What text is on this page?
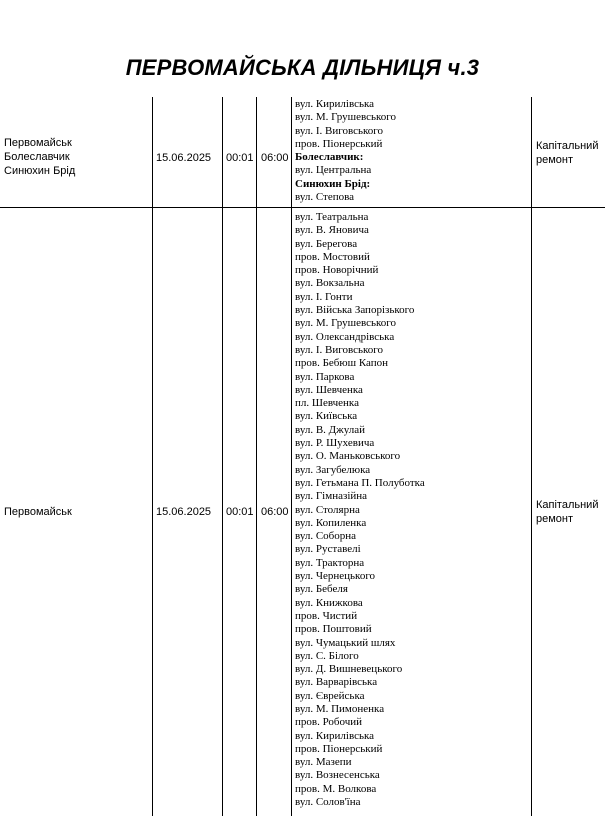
ПЕРВОМАЙСЬКА ДІЛЬНИЦЯ ч.3
Первомайськ
Болеславчик
Синюхин Брід
15.06.2025 00:01 06:00
вул. Кирилівська
вул. М. Грушевського
вул. І. Виговського
пров. Піонерський
Болеславчик:
вул. Центральна
Синюхин Брід:
вул. Степова
Капітальний
ремонт
Первомайськ	15.06.2025 00:01 06:00
вул. Театральна
вул. В. Яновича
вул. Берегова
пров. Мостовий
пров. Новорічний
вул. Вокзальна
вул. І. Гонти
вул. Війська Запорізького
вул. М. Грушевського
вул. Олександрівська
вул. І. Виговського
пров. Бебюш Капон
вул. Паркова
вул. Шевченка
пл. Шевченка
вул. Київська
вул. В. Джулай
вул. Р. Шухевича
вул. О. Маньковського
вул. Загубелюка
вул. Гетьмана П. Полуботка
вул. Гімназійна
вул. Столярна
вул. Копиленка
вул. Соборна
вул. Руставелі
вул. Тракторна
вул. Чернецького
вул. Бебеля
вул. Книжкова
пров. Чистий
пров. Поштовий
вул. Чумацький шлях
вул. С. Білого
вул. Д. Вишневецького
вул. Варварівська
вул. Єврейська
вул. М. Пимоненка
пров. Робочий
вул. Кирилівська
пров. Піонерський
вул. Мазепи
вул. Вознесенська
пров. М. Волкова
вул. Солов'їна
Капітальний
ремонт
